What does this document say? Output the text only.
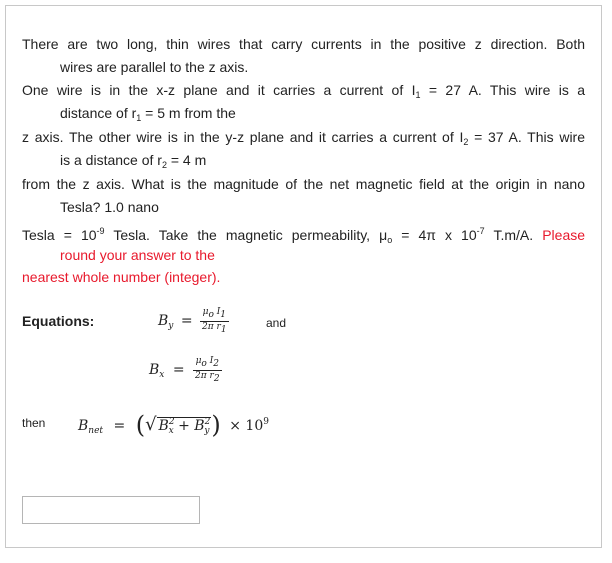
There are two long, thin wires that carry currents in the positive z direction. Both
wires are parallel to the z axis.
One wire is in the x-z plane and it carries a current of $I_1 = 27$ A. This wire is a
distance of $r_1 = 5$ m from the
z axis. The other wire is in the y-z plane and it carries a current of $I_2 = 37$ A. This wire
is a distance of $r_2 = 4$ m
from the z axis. What is the magnitude of the net magnetic field at the origin in nano
Tesla? 1.0 nano
Tesla = $10^{-9}$ Tesla. Take the magnetic permeability, $\mu_o = 4\pi$ x $10^{-7}$ T.m/A. Please
round your answer to the
nearest whole number (integer).
Equations:	$B_y = \frac{\text{μo I1}}{\text{2π r1}}$	and
$B_x = \frac{\text{μo I2}}{\text{2π r2}}$
then $B_{net}$ = (√ $B^2_x + B^2_y) \times 10^9$
